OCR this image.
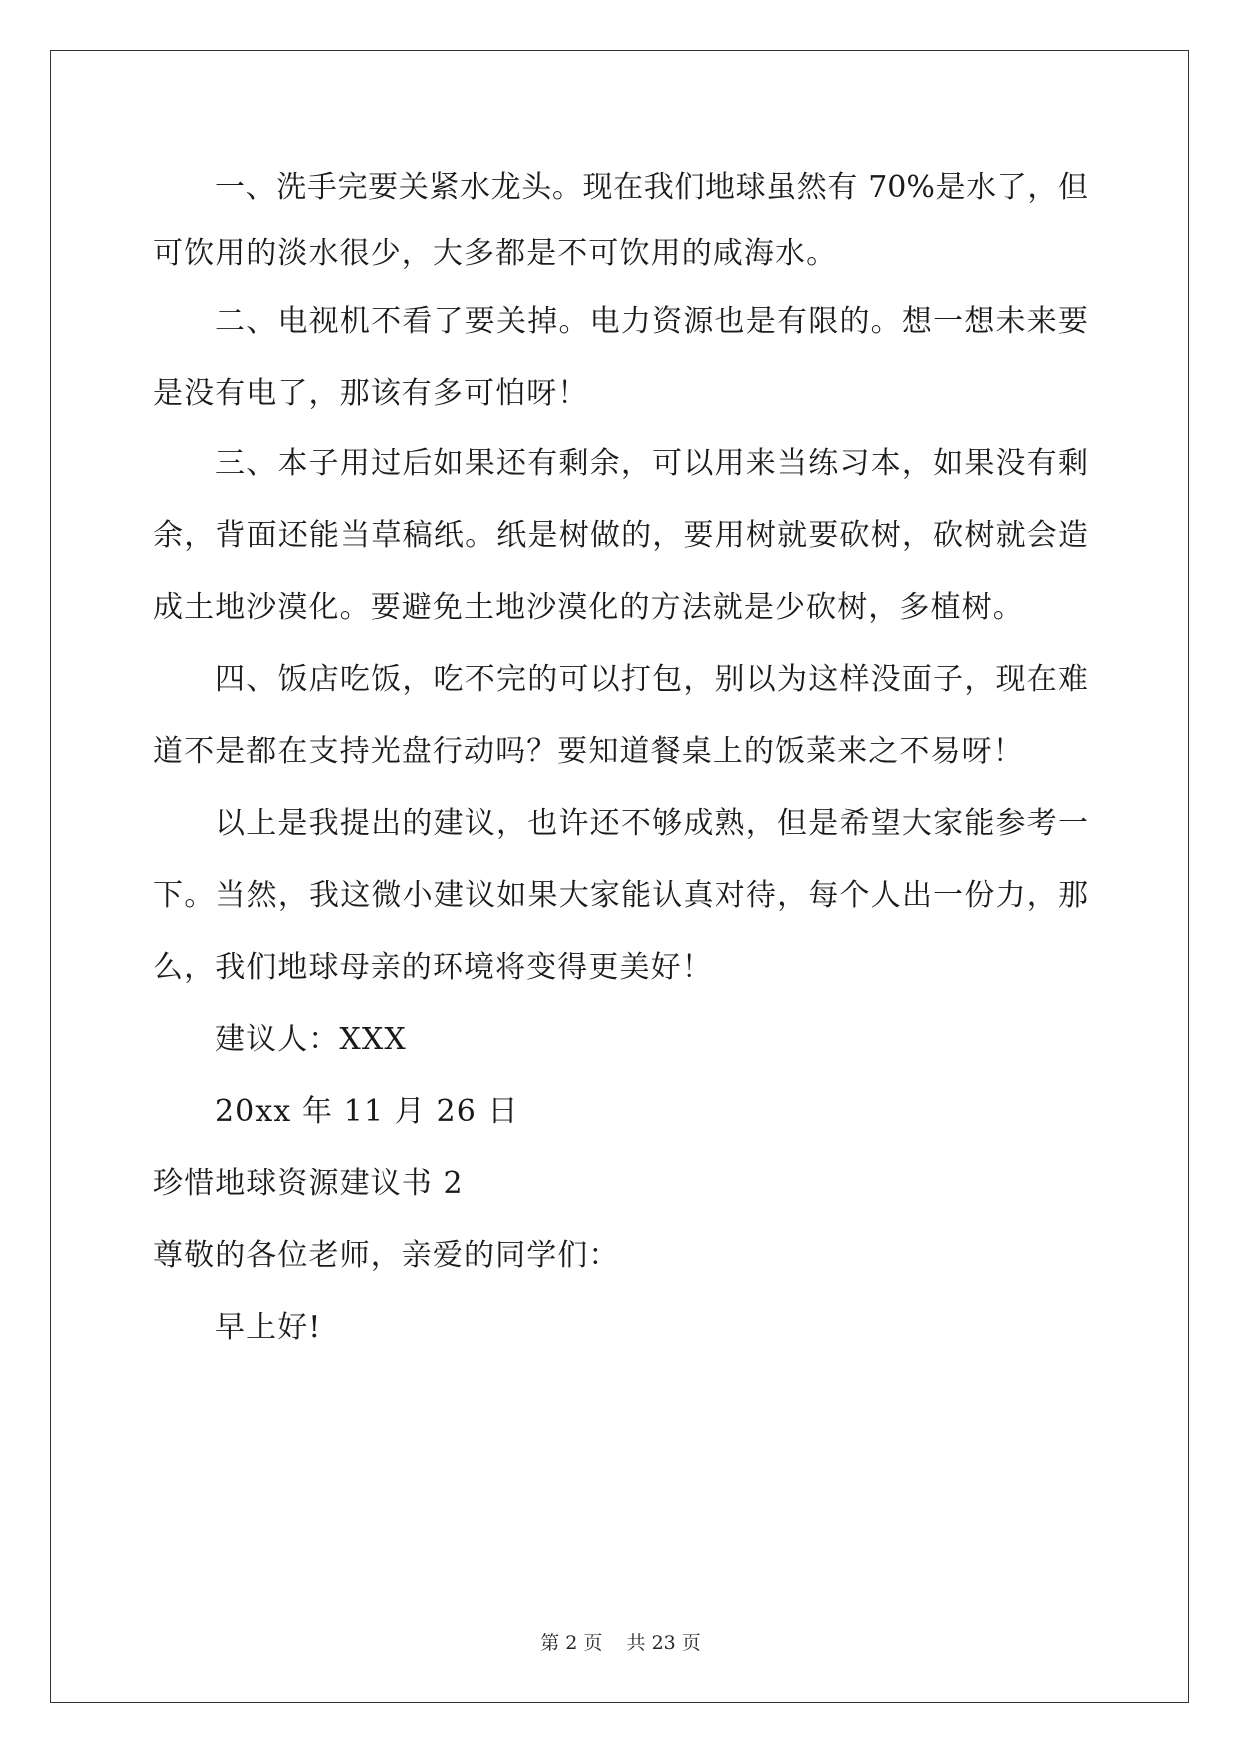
一、洗手完要关紧水龙头。现在我们地球虽然有 70%是水了，但
可饮用的淡水很少，大多都是不可饮用的咸海水。
二、电视机不看了要关掉。电力资源也是有限的。想一想未来要
是没有电了，那该有多可怕呀！
三、本子用过后如果还有剩余，可以用来当练习本，如果没有剩
余，背面还能当草稿纸。纸是树做的，要用树就要砍树，砍树就会造
成土地沙漠化。要避免土地沙漠化的方法就是少砍树，多植树。
四、饭店吃饭，吃不完的可以打包，别以为这样没面子，现在难
道不是都在支持光盘行动吗？要知道餐桌上的饭菜来之不易呀！
以上是我提出的建议，也许还不够成熟，但是希望大家能参考一
下。当然，我这微小建议如果大家能认真对待，每个人出一份力，那
么，我们地球母亲的环境将变得更美好！
建议人：XXX
20xx 年 11 月 26 日
珍惜地球资源建议书 2
尊敬的各位老师，亲爱的同学们：
早上好!
第 2 页    共 23 页
